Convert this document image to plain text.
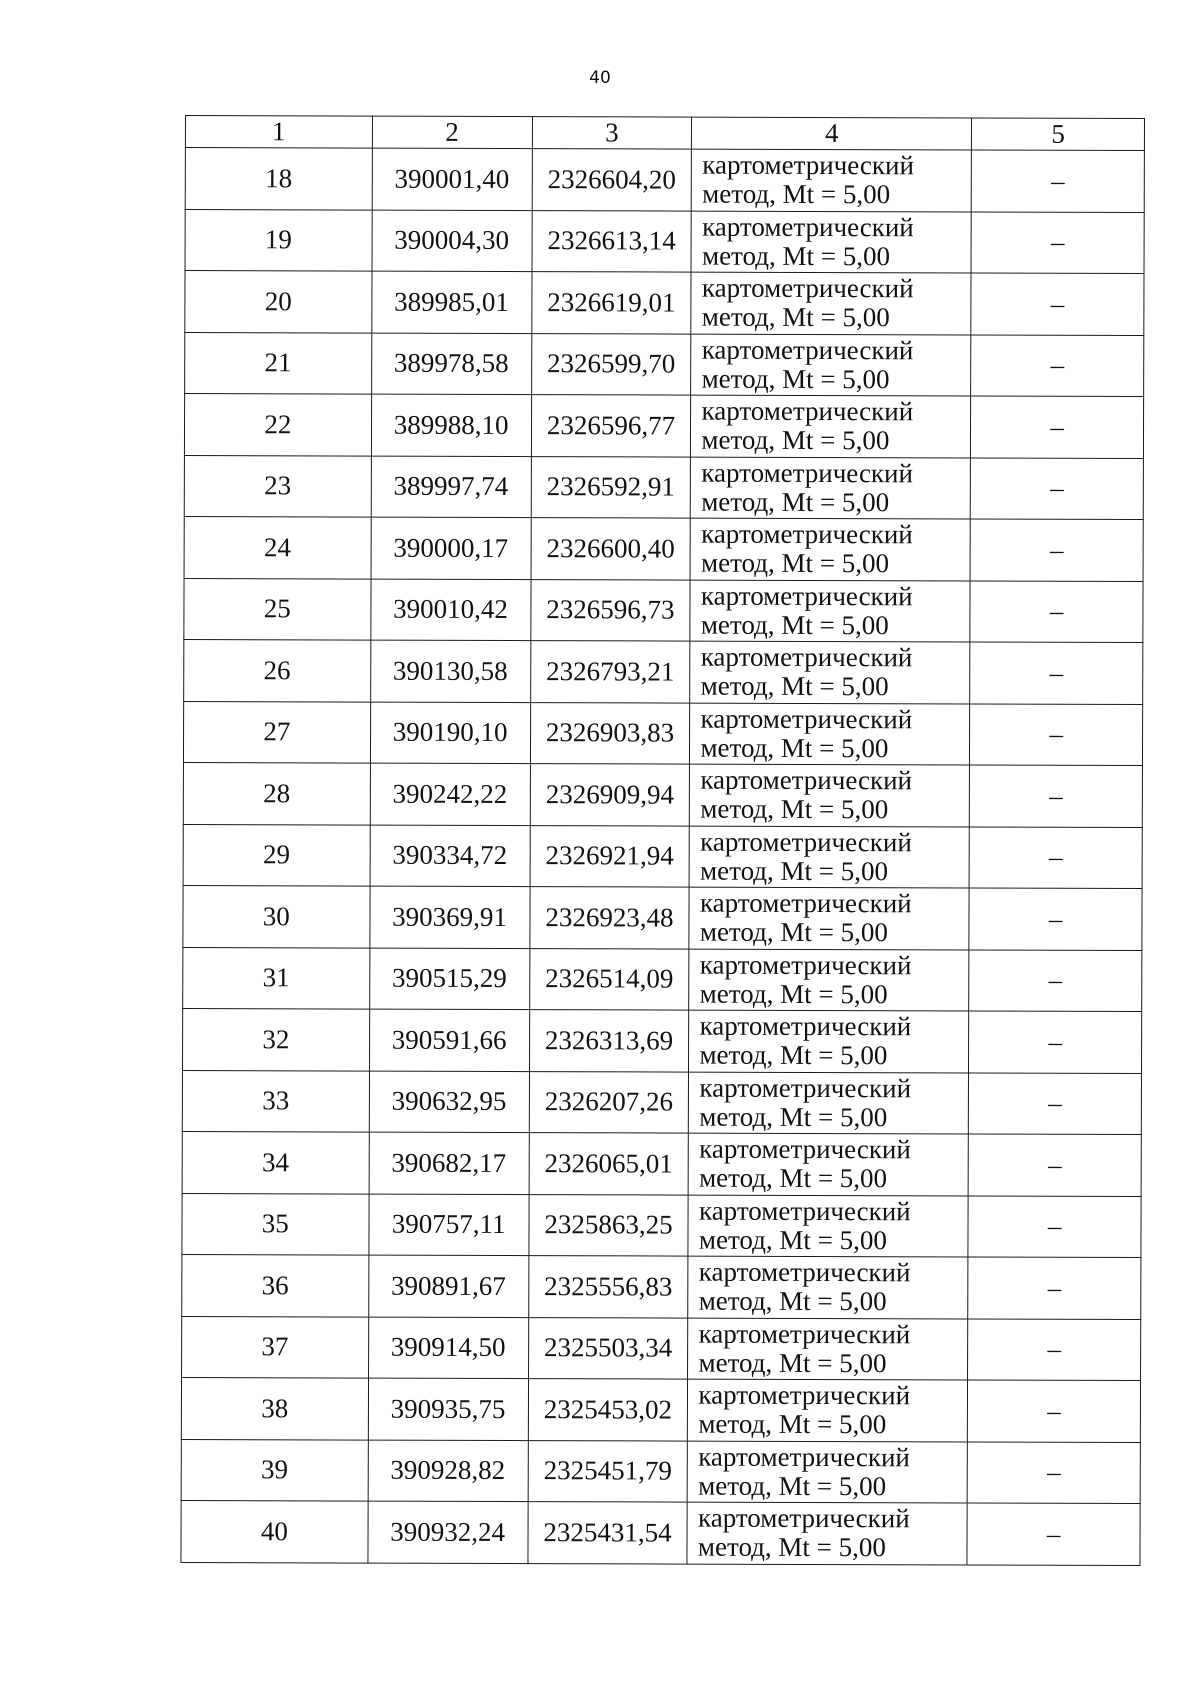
40
1	2	3	4	5
18	390001,40	2326604,20	картометрический
метод, Mt = 5,00	–
19	390004,30	2326613,14	картометрический
метод, Mt = 5,00	–
20	389985,01	2326619,01	картометрический
метод, Mt = 5,00	–
21	389978,58	2326599,70	картометрический
метод, Mt = 5,00	–
22	389988,10	2326596,77	картометрический
метод, Mt = 5,00	–
23	389997,74	2326592,91	картометрический
метод, Mt = 5,00	–
24	390000,17	2326600,40	картометрический
метод, Mt = 5,00	–
25	390010,42	2326596,73	картометрический
метод, Mt = 5,00	–
26	390130,58	2326793,21	картометрический
метод, Mt = 5,00	–
27	390190,10	2326903,83	картометрический
метод, Mt = 5,00	–
28	390242,22	2326909,94	картометрический
метод, Mt = 5,00	–
29	390334,72	2326921,94	картометрический
метод, Mt = 5,00	–
30	390369,91	2326923,48	картометрический
метод, Mt = 5,00	–
31	390515,29	2326514,09	картометрический
метод, Mt = 5,00	–
32	390591,66	2326313,69	картометрический
метод, Mt = 5,00	–
33	390632,95	2326207,26	картометрический
метод, Mt = 5,00	–
34	390682,17	2326065,01	картометрический
метод, Mt = 5,00	–
35	390757,11	2325863,25	картометрический
метод, Mt = 5,00	–
36	390891,67	2325556,83	картометрический
метод, Mt = 5,00	–
37	390914,50	2325503,34	картометрический
метод, Mt = 5,00	–
38	390935,75	2325453,02	картометрический
метод, Mt = 5,00	–
39	390928,82	2325451,79	картометрический
метод, Mt = 5,00	–
40	390932,24	2325431,54	картометрический
метод, Mt = 5,00	–
